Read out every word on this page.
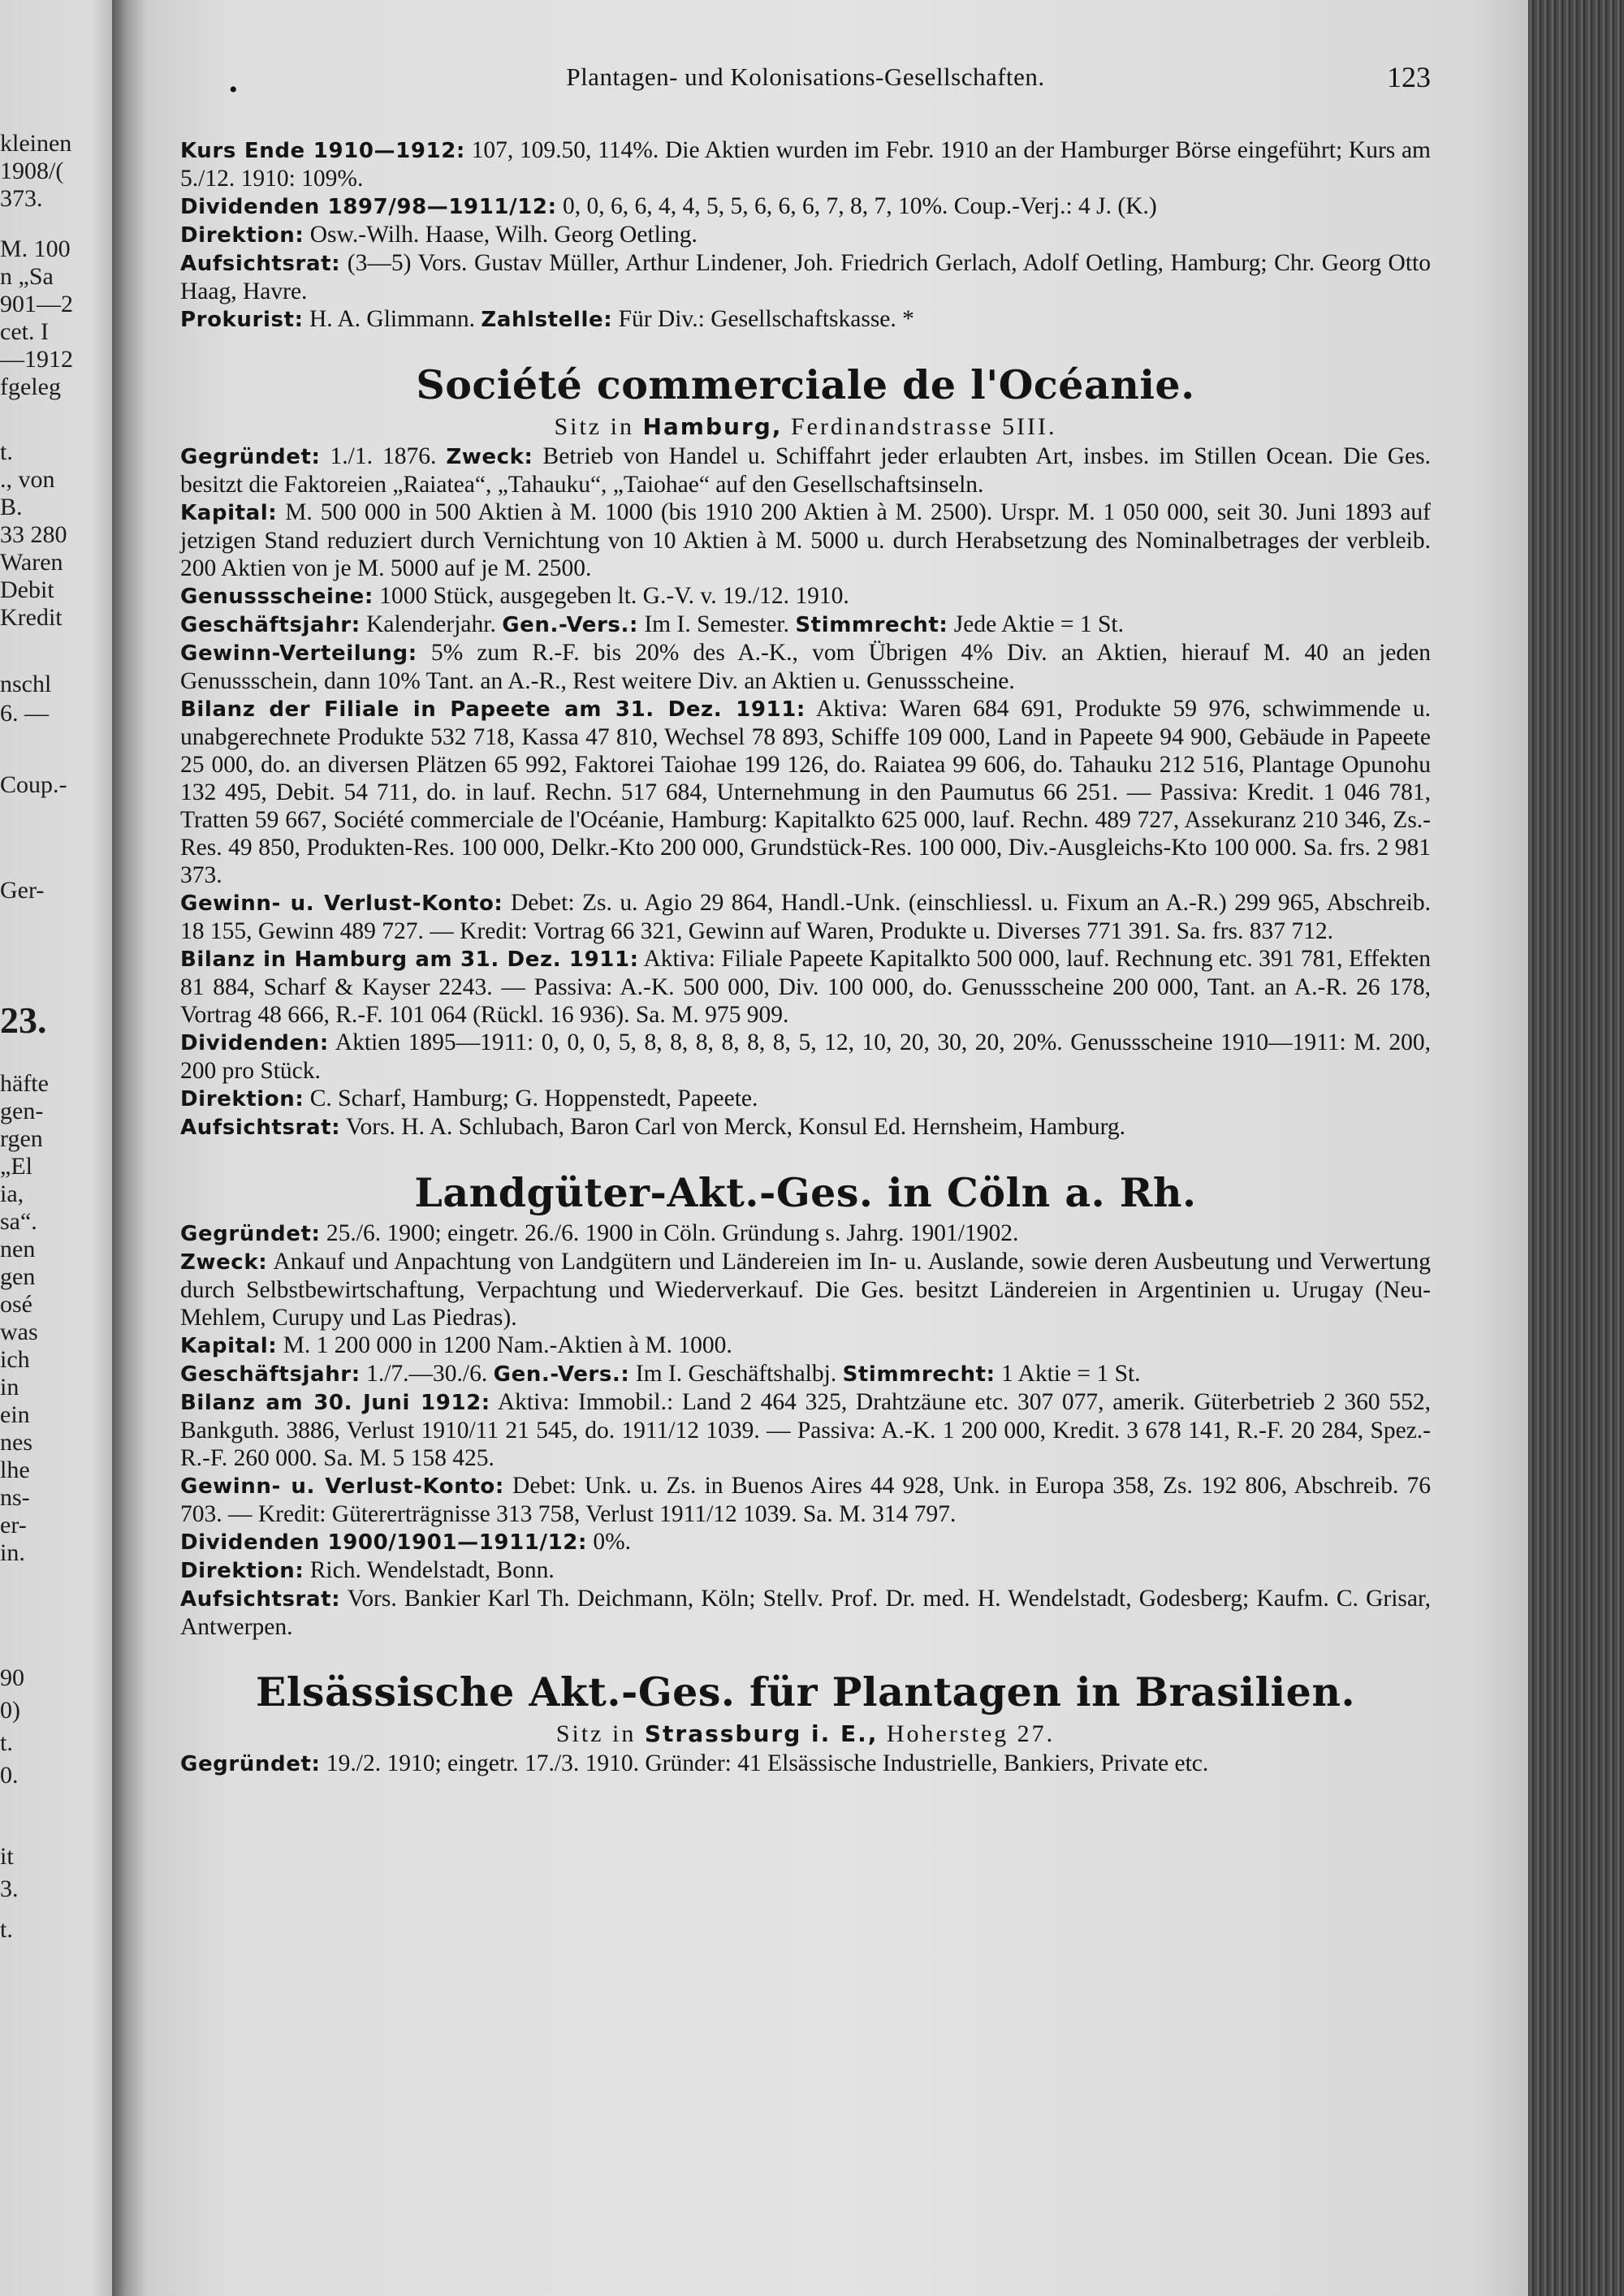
kleinen
1908/(
373.
M. 100
n „Sa
901—2
cet. I
—1912
fgeleg
t.
., von
B.
33 280
Waren
Debit
Kredit
nschl
6. —
Coup.-
Ger-
23.
häfte
gen-
rgen
„El
ia,
sa“.
nen
gen
osé
was
ich
in
ein
nes
lhe
ns-
er-
in.
90
0)
t.
0.
it
3.
t.
•	Plantagen- und Kolonisations-Gesellschaften.	123

Kurs Ende 1910—1912: 107, 109.50, 114%. Die Aktien wurden im Febr. 1910 an der Hamburger Börse eingeführt; Kurs am 5./12. 1910: 109%.

Dividenden 1897/98—1911/12: 0, 0, 6, 6, 4, 4, 5, 5, 6, 6, 6, 7, 8, 7, 10%. Coup.-Verj.: 4 J. (K.)

Direktion: Osw.-Wilh. Haase, Wilh. Georg Oetling.

Aufsichtsrat: (3—5) Vors. Gustav Müller, Arthur Lindener, Joh. Friedrich Gerlach, Adolf Oetling, Hamburg; Chr. Georg Otto Haag, Havre.

Prokurist: H. A. Glimmann. Zahlstelle: Für Div.: Gesellschaftskasse. *

Société commerciale de l'Océanie.
Sitz in Hamburg, Ferdinandstrasse 5III.

Gegründet: 1./1. 1876. Zweck: Betrieb von Handel u. Schiffahrt jeder erlaubten Art, insbes. im Stillen Ocean. Die Ges. besitzt die Faktoreien „Raiatea“, „Tahauku“, „Taiohae“ auf den Gesellschaftsinseln.

Kapital: M. 500 000 in 500 Aktien à M. 1000 (bis 1910 200 Aktien à M. 2500). Urspr. M. 1 050 000, seit 30. Juni 1893 auf jetzigen Stand reduziert durch Vernichtung von 10 Aktien à M. 5000 u. durch Herabsetzung des Nominalbetrages der verbleib. 200 Aktien von je M. 5000 auf je M. 2500.

Genussscheine: 1000 Stück, ausgegeben lt. G.-V. v. 19./12. 1910.

Geschäftsjahr: Kalenderjahr. Gen.-Vers.: Im I. Semester. Stimmrecht: Jede Aktie = 1 St.

Gewinn-Verteilung: 5% zum R.-F. bis 20% des A.-K., vom Übrigen 4% Div. an Aktien, hierauf M. 40 an jeden Genussschein, dann 10% Tant. an A.-R., Rest weitere Div. an Aktien u. Genussscheine.

Bilanz der Filiale in Papeete am 31. Dez. 1911: Aktiva: Waren 684 691, Produkte 59 976, schwimmende u. unabgerechnete Produkte 532 718, Kassa 47 810, Wechsel 78 893, Schiffe 109 000, Land in Papeete 94 900, Gebäude in Papeete 25 000, do. an diversen Plätzen 65 992, Faktorei Taiohae 199 126, do. Raiatea 99 606, do. Tahauku 212 516, Plantage Opunohu 132 495, Debit. 54 711, do. in lauf. Rechn. 517 684, Unternehmung in den Paumutus 66 251. — Passiva: Kredit. 1 046 781, Tratten 59 667, Société commerciale de l'Océanie, Hamburg: Kapitalkto 625 000, lauf. Rechn. 489 727, Assekuranz 210 346, Zs.-Res. 49 850, Produkten-Res. 100 000, Delkr.-Kto 200 000, Grundstück-Res. 100 000, Div.-Ausgleichs-Kto 100 000. Sa. frs. 2 981 373.

Gewinn- u. Verlust-Konto: Debet: Zs. u. Agio 29 864, Handl.-Unk. (einschliessl. u. Fixum an A.-R.) 299 965, Abschreib. 18 155, Gewinn 489 727. — Kredit: Vortrag 66 321, Gewinn auf Waren, Produkte u. Diverses 771 391. Sa. frs. 837 712.

Bilanz in Hamburg am 31. Dez. 1911: Aktiva: Filiale Papeete Kapitalkto 500 000, lauf. Rechnung etc. 391 781, Effekten 81 884, Scharf & Kayser 2243. — Passiva: A.-K. 500 000, Div. 100 000, do. Genussscheine 200 000, Tant. an A.-R. 26 178, Vortrag 48 666, R.-F. 101 064 (Rückl. 16 936). Sa. M. 975 909.

Dividenden: Aktien 1895—1911: 0, 0, 0, 5, 8, 8, 8, 8, 8, 8, 5, 12, 10, 20, 30, 20, 20%. Genussscheine 1910—1911: M. 200, 200 pro Stück.

Direktion: C. Scharf, Hamburg; G. Hoppenstedt, Papeete.

Aufsichtsrat: Vors. H. A. Schlubach, Baron Carl von Merck, Konsul Ed. Hernsheim, Hamburg.

Landgüter-Akt.-Ges. in Cöln a. Rh.

Gegründet: 25./6. 1900; eingetr. 26./6. 1900 in Cöln. Gründung s. Jahrg. 1901/1902.

Zweck: Ankauf und Anpachtung von Landgütern und Ländereien im In- u. Auslande, sowie deren Ausbeutung und Verwertung durch Selbstbewirtschaftung, Verpachtung und Wiederverkauf. Die Ges. besitzt Ländereien in Argentinien u. Urugay (Neu-Mehlem, Curupy und Las Piedras).

Kapital: M. 1 200 000 in 1200 Nam.-Aktien à M. 1000.

Geschäftsjahr: 1./7.—30./6. Gen.-Vers.: Im I. Geschäftshalbj. Stimmrecht: 1 Aktie = 1 St.

Bilanz am 30. Juni 1912: Aktiva: Immobil.: Land 2 464 325, Drahtzäune etc. 307 077, amerik. Güterbetrieb 2 360 552, Bankguth. 3886, Verlust 1910/11 21 545, do. 1911/12 1039. — Passiva: A.-K. 1 200 000, Kredit. 3 678 141, R.-F. 20 284, Spez.-R.-F. 260 000. Sa. M. 5 158 425.

Gewinn- u. Verlust-Konto: Debet: Unk. u. Zs. in Buenos Aires 44 928, Unk. in Europa 358, Zs. 192 806, Abschreib. 76 703. — Kredit: Gütererträgnisse 313 758, Verlust 1911/12 1039. Sa. M. 314 797.

Dividenden 1900/1901—1911/12: 0%.

Direktion: Rich. Wendelstadt, Bonn.

Aufsichtsrat: Vors. Bankier Karl Th. Deichmann, Köln; Stellv. Prof. Dr. med. H. Wendelstadt, Godesberg; Kaufm. C. Grisar, Antwerpen.

Elsässische Akt.-Ges. für Plantagen in Brasilien.
Sitz in Strassburg i. E., Hohersteg 27.

Gegründet: 19./2. 1910; eingetr. 17./3. 1910. Gründer: 41 Elsässische Industrielle, Bankiers, Private etc.
